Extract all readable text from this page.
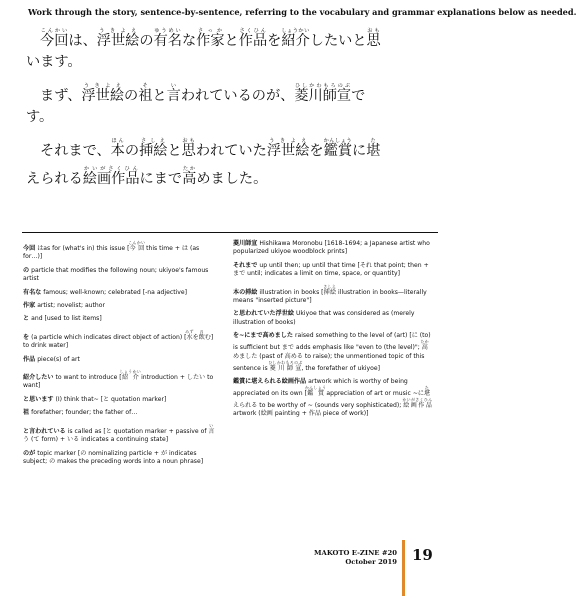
Work through the story, sentence-by-sentence, referring to the vocabulary and grammar explanations below as needed.
今回こんかいは、浮世絵うきよえの有名ゆうめいな作家さっかと作品さくひんを紹介しょうかいしたいと思おも
います。
まず、浮世絵うきよえの祖そと言いわれているのが、菱川師宣ひしかわもろのぶで
す。
それまで、本ほんの挿絵さしえと思おもわれていた浮世絵うきよえを鑑賞かんしょうに堪た
えられる絵画作品かいがさくひんにまで高たかめました。
今回 はas for (what's in) this issue [今回こんかい this time + は (as for…)]
の particle that modifies the following noun; ukiyoe's famous artist
有名な famous; well-known; celebrated [-na adjective]
作家 artist; novelist; author
と and [used to list items]
を (a particle which indicates direct object of action) [水みずを飲のむ] to drink water]
作品 piece(s) of art
紹介したい to want to introduce [紹介しょうかい introduction + したい to want]
と思います (I) think that~ [と quotation marker]
祖 forefather; founder; the father of…
と言われている is called as [と quotation marker + passive of 言いう (て form) + いる indicates a continuing state]
のが topic marker [の nominalizing particle + が indicates subject; の makes the preceding words into a noun phrase]
菱川師宣 Hishikawa Moronobu [1618-1694; a Japanese artist who popularized ukiyoe woodblock prints]
それまで up until then; up until that time [それ that point; then + まで until; indicates a limit on time, space, or quantity]
本の挿絵 illustration in books [挿絵さしえ illustration in books—literally means "inserted picture"]
と思われていた浮世絵 Ukiyoe that was considered as (merely illustration of books)
を~にまで高めました raised something to the level of (art) [に (to) is sufficient but まで adds emphasis like "even to (the level)"; 高たかめました (past of 高める to raise); the unmentioned topic of this sentence is 菱川師宣ひしかわもろのぶ, the forefather of ukiyoe]
鑑賞に堪えられる絵画作品 artwork which is worthy of being appreciated on its own [鑑賞かんしょう appreciation of art or music ~に堪たえられる to be worthy of ~ (sounds very sophisticated); 絵画作品かいがさくひん artwork (絵画 painting + 作品 piece of work)]
MAKOTO E-ZINE #20
October 2019 19
